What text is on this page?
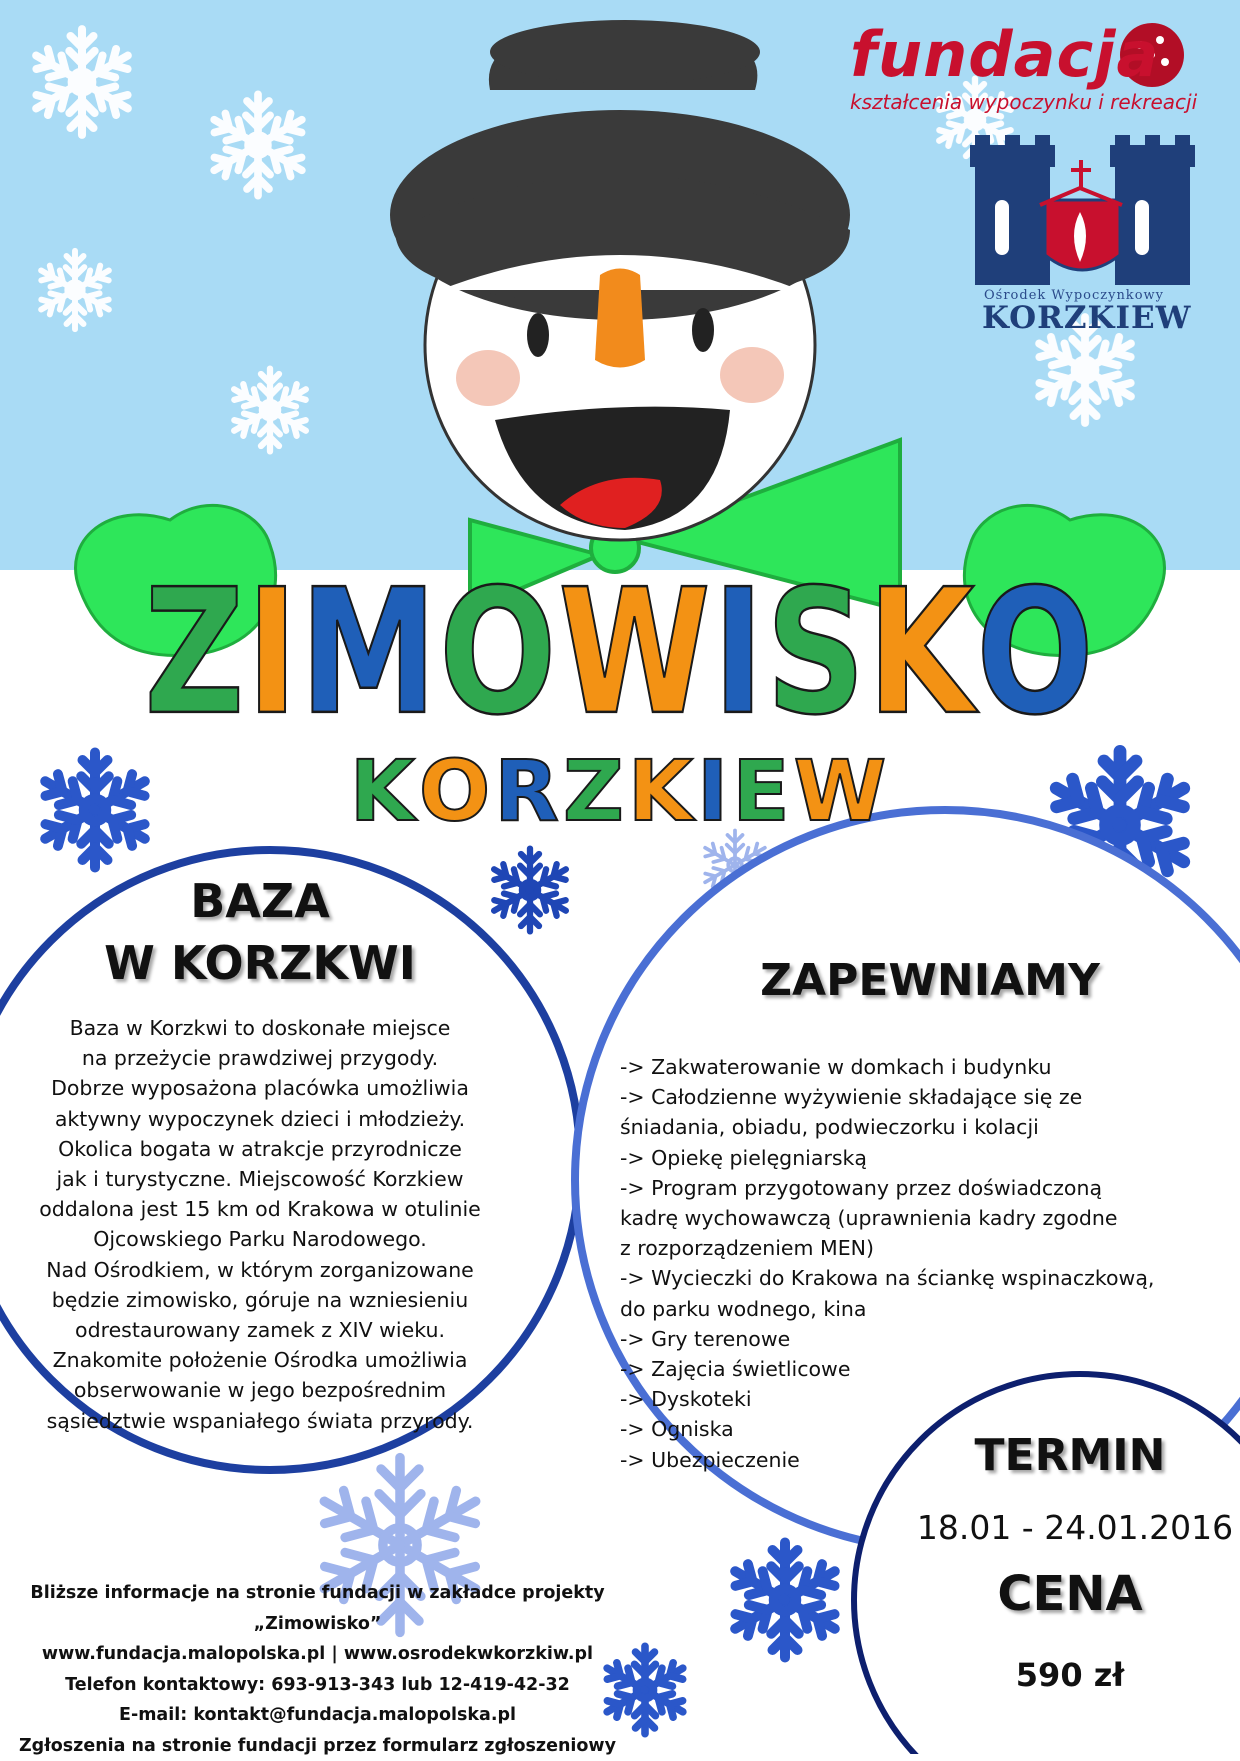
fundacja
kształcenia wypoczynku i rekreacji
Ośrodek Wypoczynkowy
KORZKIEW
ZIMOWISKO
KORZKIEW
BAZA
W KORZKWI
Baza w Korzkwi to doskonałe miejsce
na przeżycie prawdziwej przygody.
Dobrze wyposażona placówka umożliwia
aktywny wypoczynek dzieci i młodzieży.
Okolica bogata w atrakcje przyrodnicze
jak i turystyczne. Miejscowość Korzkiew
oddalona jest 15 km od Krakowa w otulinie
Ojcowskiego Parku Narodowego.
Nad Ośrodkiem, w którym zorganizowane
będzie zimowisko, góruje na wzniesieniu
odrestaurowany zamek z XIV wieku.
Znakomite położenie Ośrodka umożliwia
obserwowanie w jego bezpośrednim
sąsiedztwie wspaniałego świata przyrody.
ZAPEWNIAMY
-> Zakwaterowanie w domkach i budynku
-> Całodzienne wyżywienie składające się ze
śniadania, obiadu, podwieczorku i kolacji
-> Opiekę pielęgniarską
-> Program przygotowany przez doświadczoną
kadrę wychowawczą (uprawnienia kadry zgodne
z rozporządzeniem MEN)
-> Wycieczki do Krakowa na ściankę wspinaczkową,
do parku wodnego, kina
-> Gry terenowe
-> Zajęcia świetlicowe
-> Dyskoteki
-> Ogniska
-> Ubezpieczenie	TERMIN
18.01 - 24.01.2016
CENA
590 zł
Bliższe informacje na stronie fundacji w zakładce projekty „Zimowisko”
www.fundacja.malopolska.pl | www.osrodekwkorzkiw.pl
Telefon kontaktowy: 693-913-343 lub 12-419-42-32
E-mail: kontakt@fundacja.malopolska.pl
Zgłoszenia na stronie fundacji przez formularz zgłoszeniowy
